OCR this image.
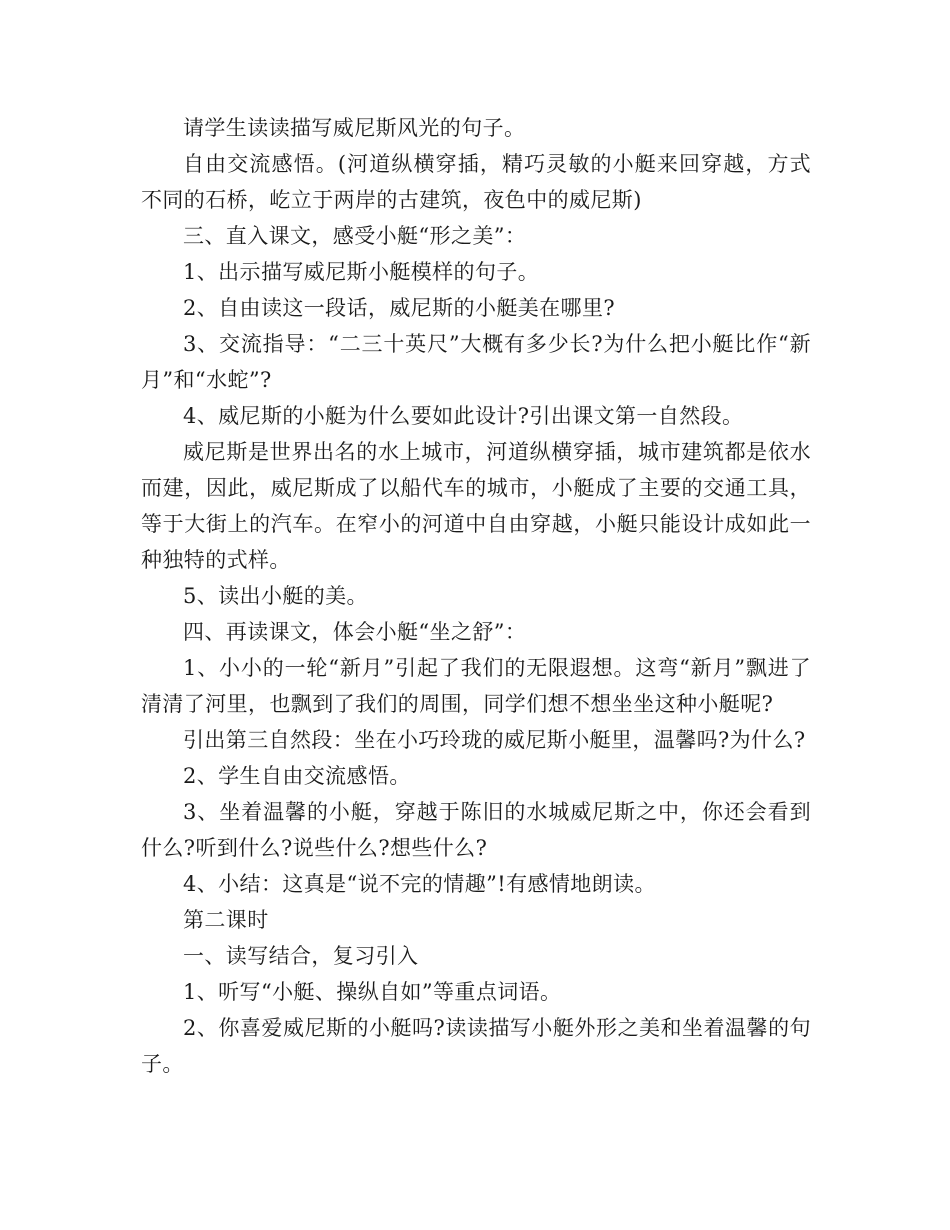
请学生读读描写威尼斯风光的句子。

自由交流感悟。(河道纵横穿插，精巧灵敏的小艇来回穿越，方式不同的石桥，屹立于两岸的古建筑，夜色中的威尼斯)

三、直入课文，感受小艇“形之美”：

1、出示描写威尼斯小艇模样的句子。

2、自由读这一段话，威尼斯的小艇美在哪里?

3、交流指导：“二三十英尺”大概有多少长?为什么把小艇比作“新月”和“水蛇”?

4、威尼斯的小艇为什么要如此设计?引出课文第一自然段。

威尼斯是世界出名的水上城市，河道纵横穿插，城市建筑都是依水而建，因此，威尼斯成了以船代车的城市，小艇成了主要的交通工具，等于大街上的汽车。在窄小的河道中自由穿越，小艇只能设计成如此一种独特的式样。

5、读出小艇的美。

四、再读课文，体会小艇“坐之舒”：

1、小小的一轮“新月”引起了我们的无限遐想。这弯“新月”飘进了清清了河里，也飘到了我们的周围，同学们想不想坐坐这种小艇呢?

引出第三自然段：坐在小巧玲珑的威尼斯小艇里，温馨吗?为什么?

2、学生自由交流感悟。

3、坐着温馨的小艇，穿越于陈旧的水城威尼斯之中，你还会看到什么?听到什么?说些什么?想些什么?

4、小结：这真是“说不完的情趣”!有感情地朗读。

第二课时

一、读写结合，复习引入

1、听写“小艇、操纵自如”等重点词语。

2、你喜爱威尼斯的小艇吗?读读描写小艇外形之美和坐着温馨的句子。
